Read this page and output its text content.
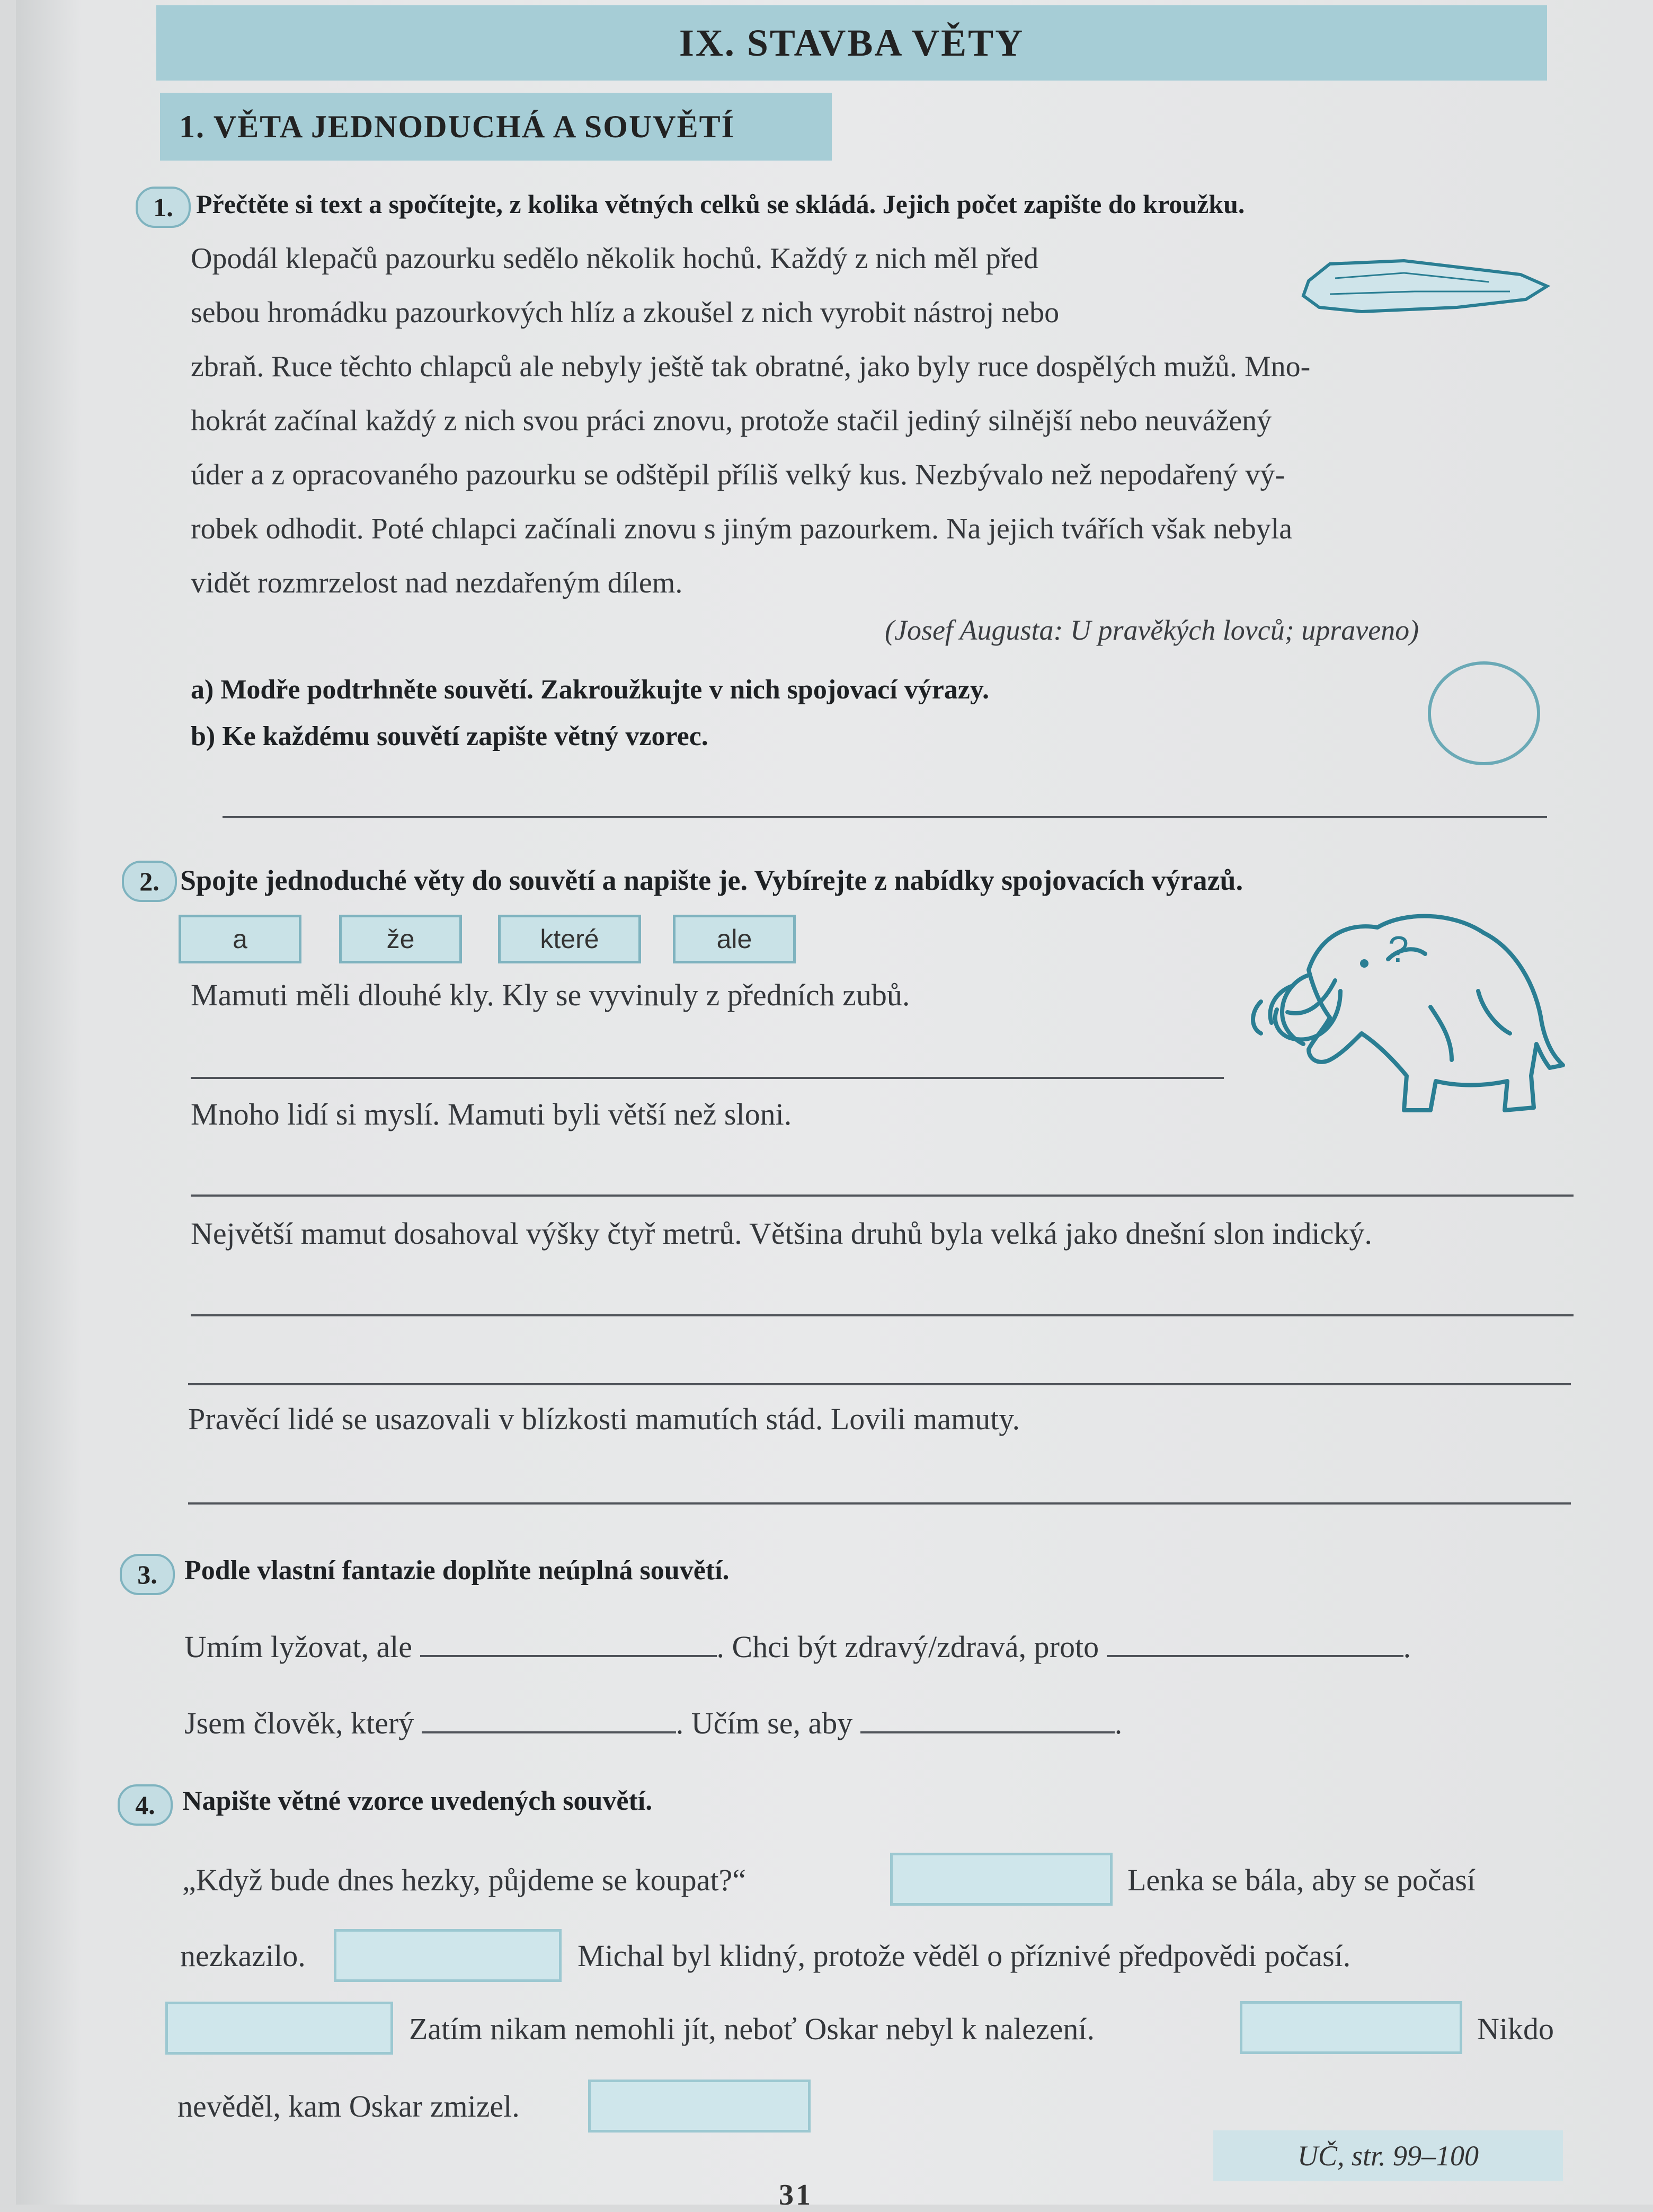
IX. STAVBA VĚTY
1. VĚTA JEDNODUCHÁ A SOUVĚTÍ
1. Přečtěte si text a spočítejte, z kolika větných celků se skládá. Jejich počet zapište do kroužku.
Opodál klepačů pazourku sedělo několik hochů. Každý z nich měl před
sebou hromádku pazourkových hlíz a zkoušel z nich vyrobit nástroj nebo
zbraň. Ruce těchto chlapců ale nebyly ještě tak obratné, jako byly ruce dospělých mužů. Mno-
hokrát začínal každý z nich svou práci znovu, protože stačil jediný silnější nebo neuvážený
úder a z opracovaného pazourku se odštěpil příliš velký kus. Nezbývalo než nepodařený vý-
robek odhodit. Poté chlapci začínali znovu s jiným pazourkem. Na jejich tvářích však nebyla
vidět rozmrzelost nad nezdařeným dílem.
(Josef Augusta: U pravěkých lovců; upraveno)
a) Modře podtrhněte souvětí. Zakroužkujte v nich spojovací výrazy.
b) Ke každému souvětí zapište větný vzorec.
2. Spojte jednoduché věty do souvětí a napište je. Vybírejte z nabídky spojovacích výrazů.
a	že	které	ale	?
Mamuti měli dlouhé kly. Kly se vyvinuly z předních zubů.
Mnoho lidí si myslí. Mamuti byli větší než sloni.
Největší mamut dosahoval výšky čtyř metrů. Většina druhů byla velká jako dnešní slon indický.
Pravěcí lidé se usazovali v blízkosti mamutích stád. Lovili mamuty.
3. Podle vlastní fantazie doplňte neúplná souvětí.
Umím lyžovat, ale	. Chci být zdravý/zdravá, proto	.
Jsem člověk, který	. Učím se, aby	.
4. Napište větné vzorce uvedených souvětí.
„Když bude dnes hezky, půjdeme se koupat?“	Lenka se bála, aby se počasí
nezkazilo.	Michal byl klidný, protože věděl o příznivé předpovědi počasí.
Zatím nikam nemohli jít, neboť Oskar nebyl k nalezení.	Nikdo
nevěděl, kam Oskar zmizel.
UČ, str. 99–100
31
